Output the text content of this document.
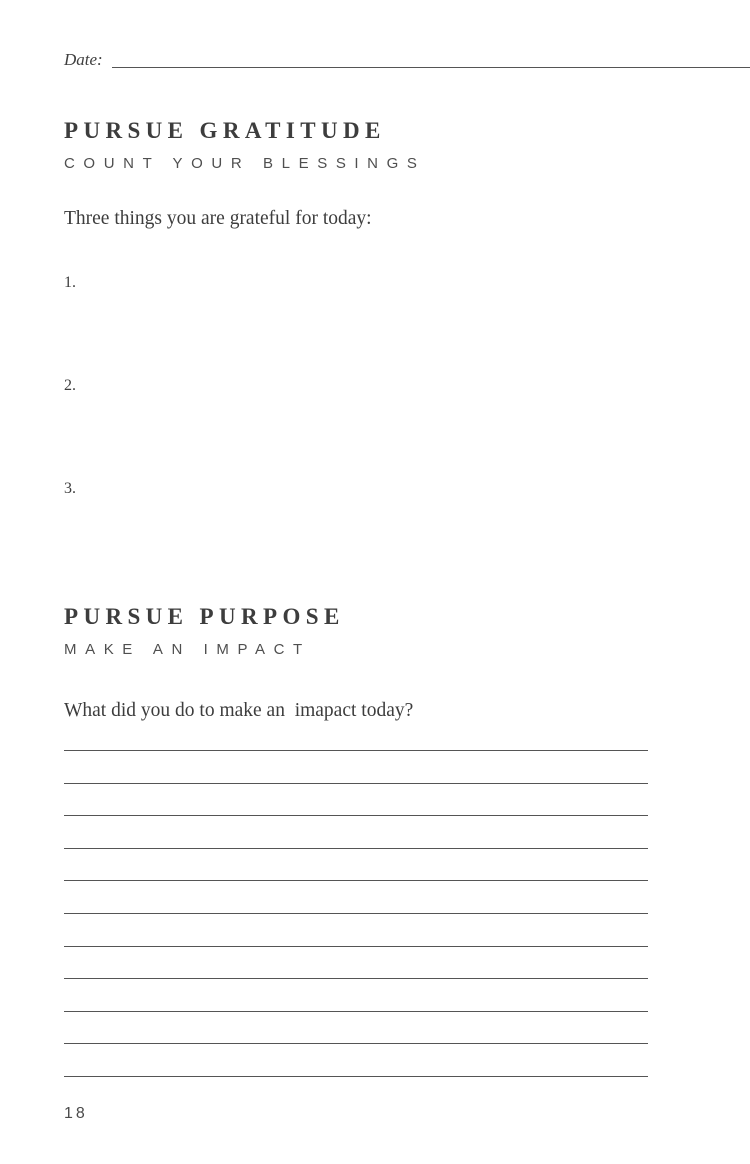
Date:
PURSUE GRATITUDE
COUNT YOUR BLESSINGS
Three things you are grateful for today:
1.
2.
3.
PURSUE PURPOSE
MAKE AN IMPACT
What did you do to make an  imapact today?
18
